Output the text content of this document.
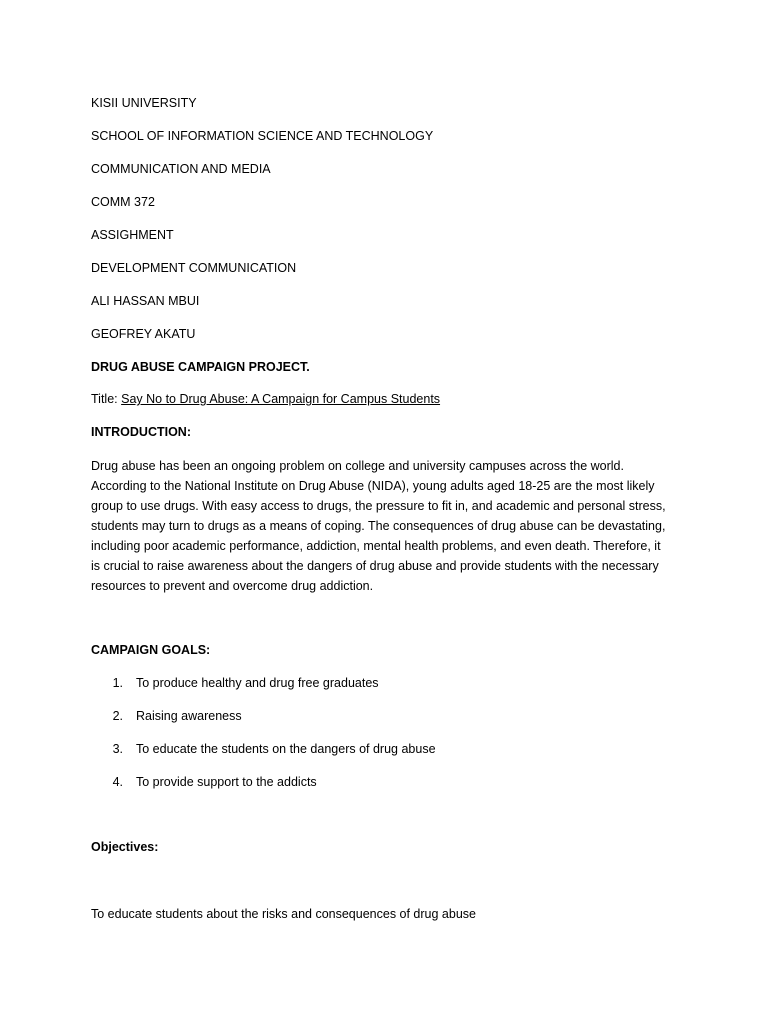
KISII UNIVERSITY
SCHOOL OF INFORMATION SCIENCE AND TECHNOLOGY
COMMUNICATION AND MEDIA
COMM 372
ASSIGHMENT
DEVELOPMENT COMMUNICATION
ALI HASSAN MBUI
GEOFREY AKATU
DRUG ABUSE CAMPAIGN PROJECT.
Title: Say No to Drug Abuse: A Campaign for Campus Students
INTRODUCTION:
Drug abuse has been an ongoing problem on college and university campuses across the world.
According to the National Institute on Drug Abuse (NIDA), young adults aged 18-25 are the most likely
group to use drugs. With easy access to drugs, the pressure to fit in, and academic and personal stress,
students may turn to drugs as a means of coping. The consequences of drug abuse can be devastating,
including poor academic performance, addiction, mental health problems, and even death. Therefore, it
is crucial to raise awareness about the dangers of drug abuse and provide students with the necessary
resources to prevent and overcome drug addiction.
CAMPAIGN GOALS:
1. To produce healthy and drug free graduates
2. Raising awareness
3. To educate the students on the dangers of drug abuse
4. To provide support to the addicts
Objectives:
To educate students about the risks and consequences of drug abuse
